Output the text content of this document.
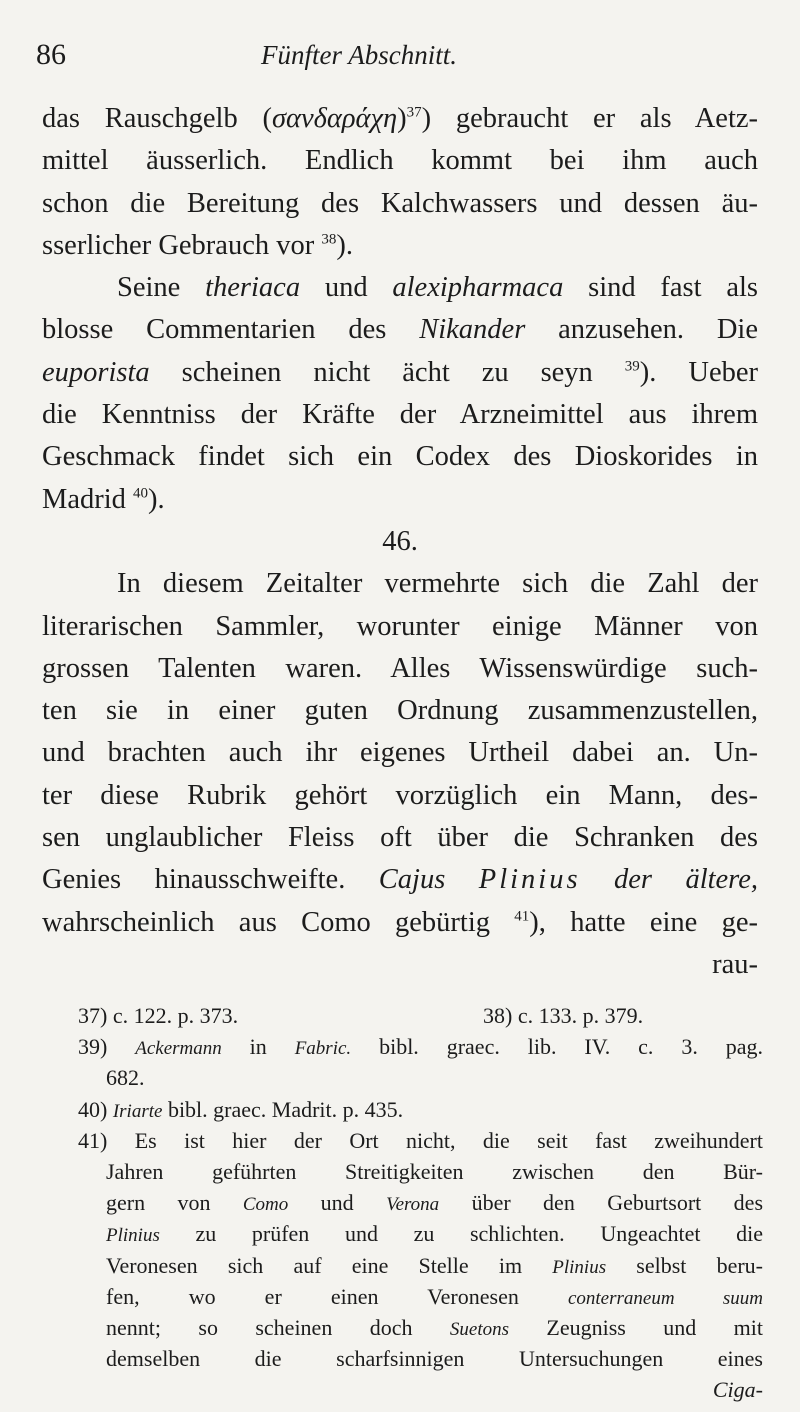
86	Fünfter Abschnitt.
das Rauschgelb $(\sigma\alpha\nu\delta\alpha\rho ά\chi\eta)^{37}$) gebraucht er als Aetz-
mittel äusserlich. Endlich kommt bei ihm auch
schon die Bereitung des Kalchwassers und dessen äu-
sserlicher Gebrauch vor $^{38}$).
Seine theriaca und alexipharmaca sind fast als
blosse Commentarien des Nikander anzusehen. Die
euporista scheinen nicht ächt zu seyn $^{39}$). Ueber
die Kenntniss der Kräfte der Arzneimittel aus ihrem
Geschmack findet sich ein Codex des Dioskorides in
Madrid $^{40}$).
46.
In diesem Zeitalter vermehrte sich die Zahl der
literarischen Sammler, worunter einige Männer von
grossen Talenten waren. Alles Wissenswürdige such-
ten sie in einer guten Ordnung zusammenzustellen,
und brachten auch ihr eigenes Urtheil dabei an. Un-
ter diese Rubrik gehört vorzüglich ein Mann, des-
sen unglaublicher Fleiss oft über die Schranken des
Genies hinausschweifte. Cajus Plinius der ältere,
wahrscheinlich aus Como gebürtig $^{41}$), hatte eine ge-
rau-
37) c. 122. p. 373.	38) c. 133. p. 379.
39) Ackermann in Fabric. bibl. graec. lib. IV. c. 3. pag.
682.
40) Iriarte bibl. graec. Madrit. p. 435.
41) Es ist hier der Ort nicht, die seit fast zweihundert
Jahren geführten Streitigkeiten zwischen den Bür-
gern von Como und Verona über den Geburtsort des
Plinius zu prüfen und zu schlichten. Ungeachtet die
Veronesen sich auf eine Stelle im Plinius selbst beru-
fen, wo er einen Veronesen conterraneum suum
nennt; so scheinen doch Suetons Zeugniss und mit
demselben die scharfsinnigen Untersuchungen eines
Ciga-
